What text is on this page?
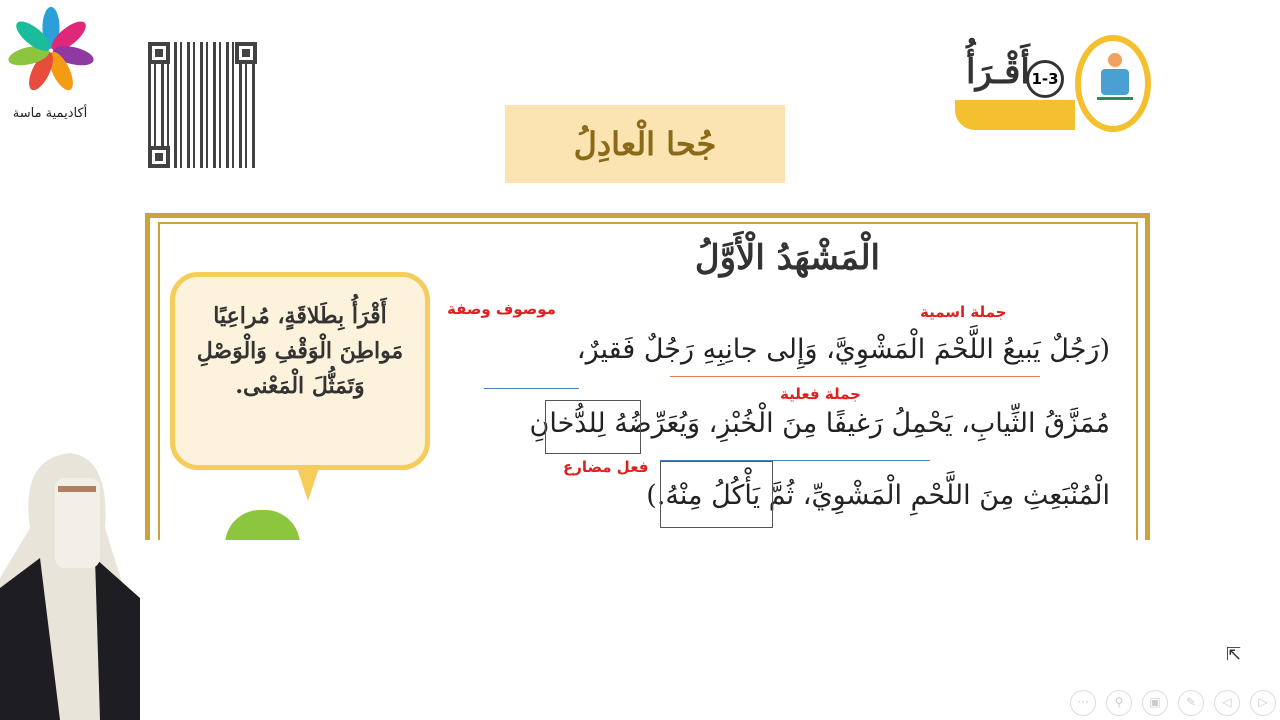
أكاديمية ماسة
جُحا الْعادِلُ
1-3
أَقْـرَأُ
الْمَشْهَدُ الْأَوَّلُ
أَقْرَأُ بِطَلاقَةٍ، مُراعِيًا مَواطِنَ الْوَقْفِ وَالْوَصْلِ وَتَمَثُّلَ الْمَعْنى.
(رَجُلٌ يَبيعُ اللَّحْمَ الْمَشْوِيَّ، وَإِلى جانِبِهِ رَجُلٌ فَقيرٌ،
مُمَزَّقُ الثِّيابِ، يَحْمِلُ رَغيفًا مِنَ الْخُبْزِ، وَيُعَرِّضُهُ لِلدُّخانِ
الْمُنْبَعِثِ مِنَ اللَّحْمِ الْمَشْوِيِّ، ثُمَّ يَأْكُلُ مِنْهُ.)
جملة اسمية
موصوف وصفة
جملة فعلية
فعل مضارع
···	⚲	▣	✎	◁	▷
⇱
